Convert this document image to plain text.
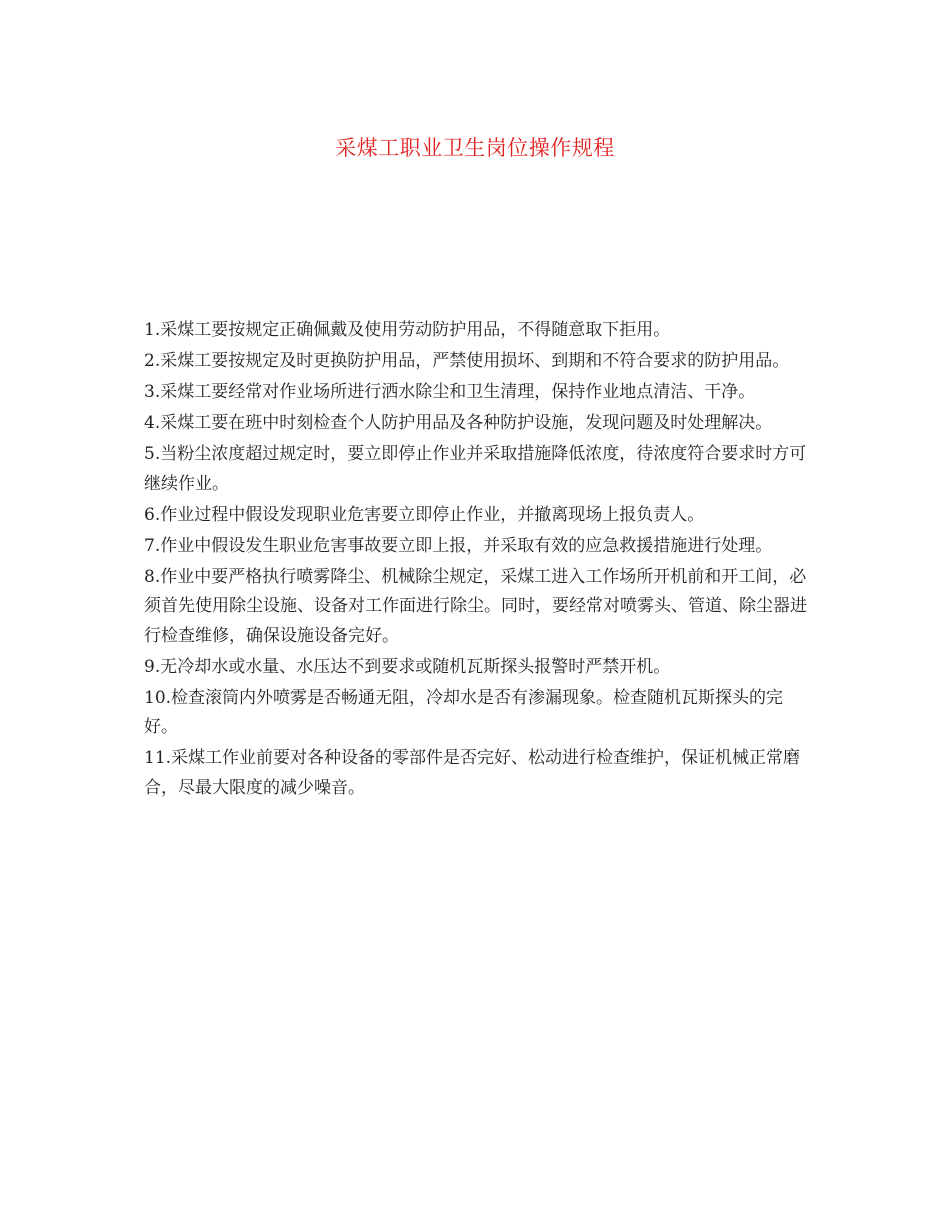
采煤工职业卫生岗位操作规程

1.采煤工要按规定正确佩戴及使用劳动防护用品，不得随意取下拒用。

2.采煤工要按规定及时更换防护用品，严禁使用损坏、到期和不符合要求的防护用品。

3.采煤工要经常对作业场所进行洒水除尘和卫生清理，保持作业地点清洁、干净。

4.采煤工要在班中时刻检查个人防护用品及各种防护设施，发现问题及时处理解决。

5.当粉尘浓度超过规定时，要立即停止作业并采取措施降低浓度，待浓度符合要求时方可继续作业。

6.作业过程中假设发现职业危害要立即停止作业，并撤离现场上报负责人。

7.作业中假设发生职业危害事故要立即上报，并采取有效的应急救援措施进行处理。

8.作业中要严格执行喷雾降尘、机械除尘规定，采煤工进入工作场所开机前和开工间，必须首先使用除尘设施、设备对工作面进行除尘。同时，要经常对喷雾头、管道、除尘器进行检查维修，确保设施设备完好。

9.无冷却水或水量、水压达不到要求或随机瓦斯探头报警时严禁开机。

10.检查滚筒内外喷雾是否畅通无阻，冷却水是否有渗漏现象。检查随机瓦斯探头的完好。

11.采煤工作业前要对各种设备的零部件是否完好、松动进行检查维护，保证机械正常磨合，尽最大限度的减少噪音。
